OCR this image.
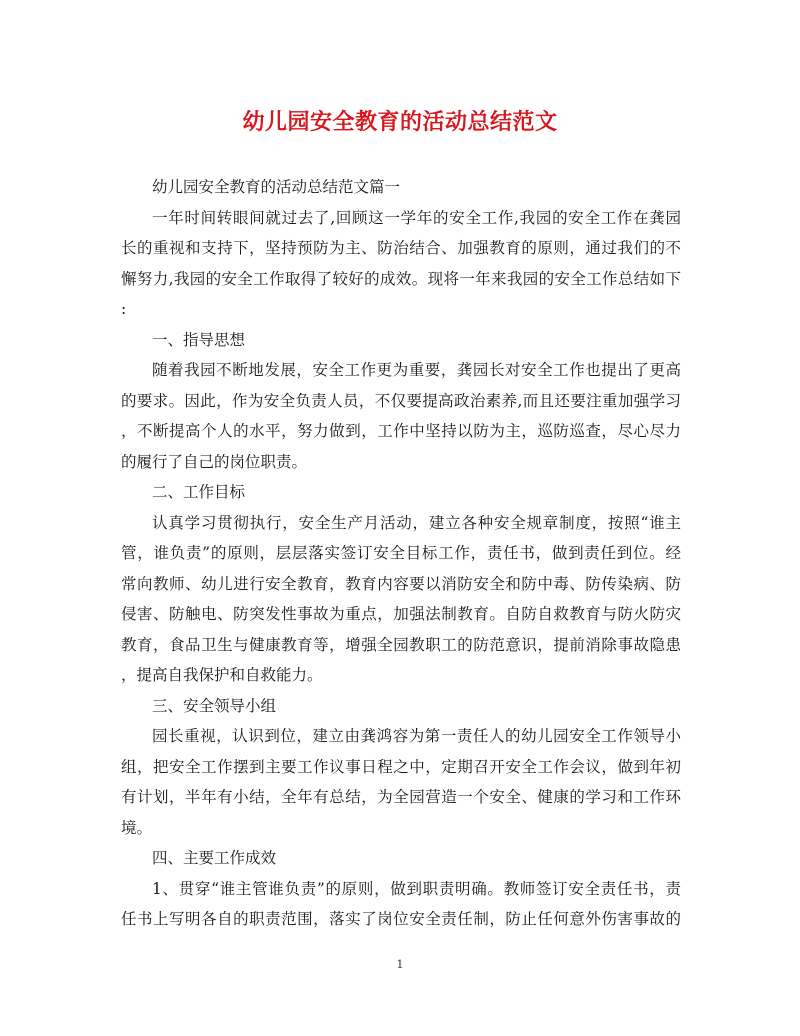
幼儿园安全教育的活动总结范文
幼儿园安全教育的活动总结范文篇一
一年时间转眼间就过去了,回顾这一学年的安全工作,我园的安全工作在龚园
长的重视和支持下，坚持预防为主、防治结合、加强教育的原则，通过我们的不
懈努力,我园的安全工作取得了较好的成效。现将一年来我园的安全工作总结如下
:
一、指导思想
随着我园不断地发展，安全工作更为重要，龚园长对安全工作也提出了更高
的要求。因此，作为安全负责人员，不仅要提高政治素养,而且还要注重加强学习
，不断提高个人的水平，努力做到，工作中坚持以防为主，巡防巡查，尽心尽力
的履行了自己的岗位职责。
二、工作目标
认真学习贯彻执行，安全生产月活动，建立各种安全规章制度，按照“谁主
管，谁负责”的原则，层层落实签订安全目标工作，责任书，做到责任到位。经
常向教师、幼儿进行安全教育，教育内容要以消防安全和防中毒、防传染病、防
侵害、防触电、防突发性事故为重点，加强法制教育。自防自救教育与防火防灾
教育，食品卫生与健康教育等，增强全园教职工的防范意识，提前消除事故隐患
，提高自我保护和自救能力。
三、安全领导小组
园长重视，认识到位，建立由龚鸿容为第一责任人的幼儿园安全工作领导小
组，把安全工作摆到主要工作议事日程之中，定期召开安全工作会议，做到年初
有计划，半年有小结，全年有总结，为全园营造一个安全、健康的学习和工作环
境。
四、主要工作成效
1、贯穿“谁主管谁负责”的原则，做到职责明确。教师签订安全责任书，责
任书上写明各自的职责范围，落实了岗位安全责任制，防止任何意外伤害事故的
1
